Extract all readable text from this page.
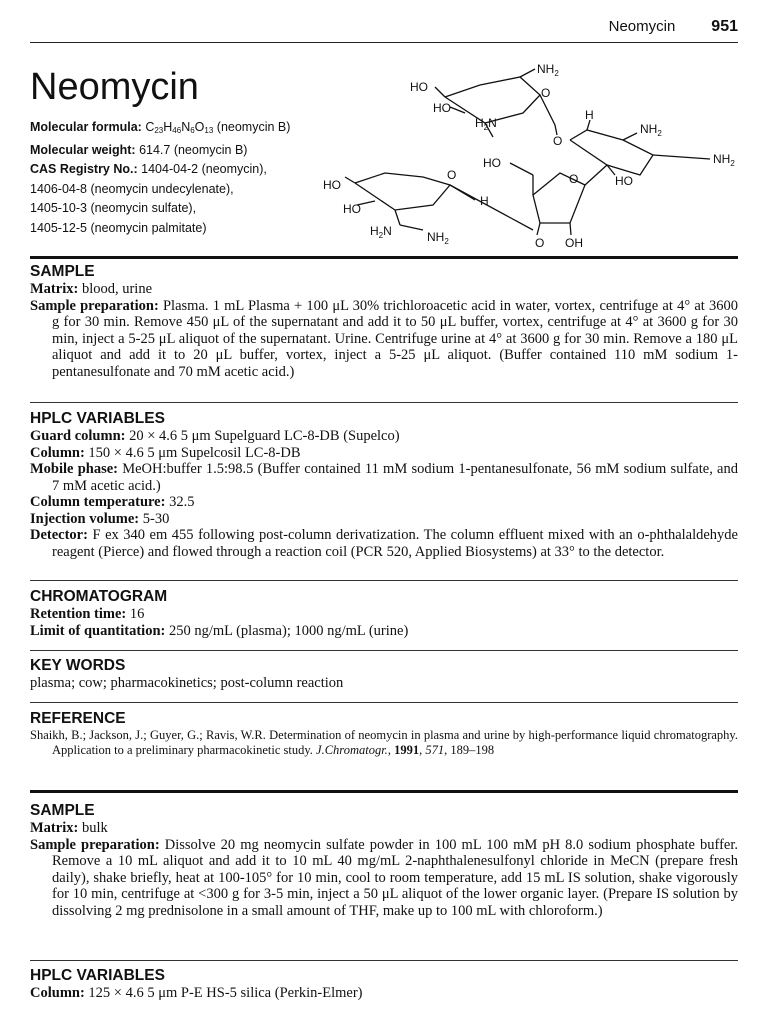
Neomycin 951
Neomycin
Molecular formula: $C_{23}H_{46}N_6O_{13}$ (neomycin B)
Molecular weight: 614.7 (neomycin B)
CAS Registry No.: 1404-04-2 (neomycin),
1406-04-8 (neomycin undecylenate),
1405-10-3 (neomycin sulfate),
1405-12-5 (neomycin palmitate)
HO
HO
$H_2N$
$NH_2$
O
O
H
$NH_2$
$NH_2$
HO
HO
O
HO
HO
O
H
$H_2N$	$NH_2$	O OH
SAMPLE
Matrix: blood, urine
Sample preparation: Plasma. 1 mL Plasma + 100 μL 30% trichloroacetic acid in water, vortex, centrifuge at 4° at 3600 g for 30 min. Remove 450 μL of the supernatant and add it to 50 μL buffer, vortex, centrifuge at 4° at 3600 g for 30 min, inject a 5-25 μL aliquot of the supernatant. Urine. Centrifuge urine at 4° at 3600 g for 30 min. Remove a 180 μL aliquot and add it to 20 μL buffer, vortex, inject a 5-25 μL aliquot. (Buffer contained 110 mM sodium 1-pentanesulfonate and 70 mM acetic acid.)
HPLC VARIABLES
Guard column: 20 × 4.6 5 μm Supelguard LC-8-DB (Supelco)
Column: 150 × 4.6 5 μm Supelcosil LC-8-DB
Mobile phase: MeOH:buffer 1.5:98.5 (Buffer contained 11 mM sodium 1-pentanesulfonate, 56 mM sodium sulfate, and 7 mM acetic acid.)
Column temperature: 32.5
Injection volume: 5-30
Detector: F ex 340 em 455 following post-column derivatization. The column effluent mixed with an o-phthalaldehyde reagent (Pierce) and flowed through a reaction coil (PCR 520, Applied Biosystems) at 33° to the detector.
CHROMATOGRAM
Retention time: 16
Limit of quantitation: 250 ng/mL (plasma); 1000 ng/mL (urine)
KEY WORDS
plasma; cow; pharmacokinetics; post-column reaction
REFERENCE
Shaikh, B.; Jackson, J.; Guyer, G.; Ravis, W.R. Determination of neomycin in plasma and urine by high-performance liquid chromatography. Application to a preliminary pharmacokinetic study. J.Chromatogr., 1991, 571, 189–198
SAMPLE
Matrix: bulk
Sample preparation: Dissolve 20 mg neomycin sulfate powder in 100 mL 100 mM pH 8.0 sodium phosphate buffer. Remove a 10 mL aliquot and add it to 10 mL 40 mg/mL 2-naphthalenesulfonyl chloride in MeCN (prepare fresh daily), shake briefly, heat at 100-105° for 10 min, cool to room temperature, add 15 mL IS solution, shake vigorously for 10 min, centrifuge at <300 g for 3-5 min, inject a 50 μL aliquot of the lower organic layer. (Prepare IS solution by dissolving 2 mg prednisolone in a small amount of THF, make up to 100 mL with chloroform.)
HPLC VARIABLES
Column: 125 × 4.6 5 μm P-E HS-5 silica (Perkin-Elmer)
